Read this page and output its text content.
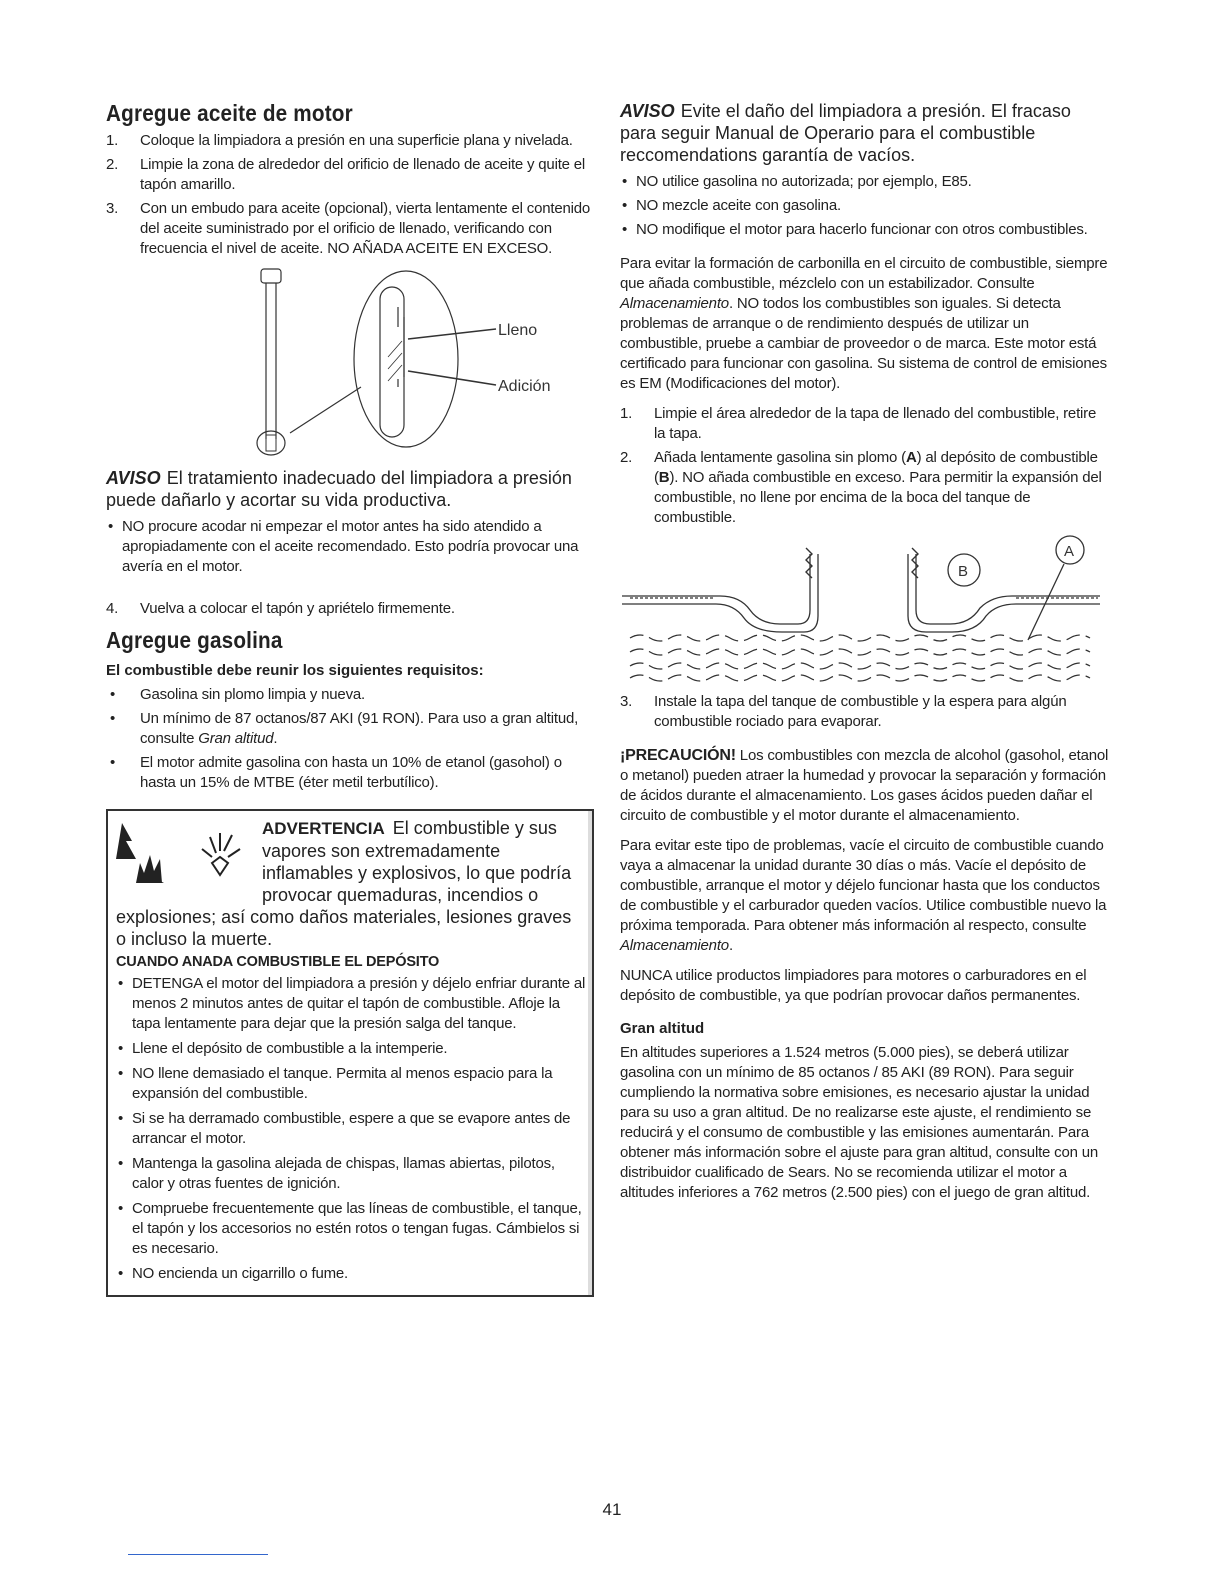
Agregue aceite de motor
1. Coloque la limpiadora a presión en una superficie plana y nivelada.
2. Limpie la zona de alrededor del orificio de llenado de aceite y quite el tapón amarillo.
3. Con un embudo para aceite (opcional), vierta lentamente el contenido del aceite suministrado por el orificio de llenado, verificando con frecuencia el nivel de aceite. NO AÑADA ACEITE EN EXCESO.
Lleno
Adición
AVISO El tratamiento inadecuado del limpiadora a presión puede dañarlo y acortar su vida productiva.
• NO procure acodar ni empezar el motor antes ha sido atendido a apropiadamente con el aceite recomendado. Esto podría provocar una avería en el motor.
4. Vuelva a colocar el tapón y apriételo firmemente.
Agregue gasolina
El combustible debe reunir los siguientes requisitos:
• Gasolina sin plomo limpia y nueva.
• Un mínimo de 87 octanos/87 AKI (91 RON). Para uso a gran altitud, consulte Gran altitud.
• El motor admite gasolina con hasta un 10% de etanol (gasohol) o hasta un 15% de MTBE (éter metil terbutílico).
ADVERTENCIA El combustible y sus vapores son extremadamente inflamables y explosivos, lo que podría provocar quemaduras, incendios o explosiones; así como daños materiales, lesiones graves o incluso la muerte.
CUANDO ANADA COMBUSTIBLE EL DEPÓSITO
• DETENGA el motor del limpiadora a presión y déjelo enfriar durante al menos 2 minutos antes de quitar el tapón de combustible. Afloje la tapa lentamente para dejar que la presión salga del tanque.
• Llene el depósito de combustible a la intemperie.
• NO llene demasiado el tanque. Permita al menos espacio para la expansión del combustible.
• Si se ha derramado combustible, espere a que se evapore antes de arrancar el motor.
• Mantenga la gasolina alejada de chispas, llamas abiertas, pilotos, calor y otras fuentes de ignición.
• Compruebe frecuentemente que las líneas de combustible, el tanque, el tapón y los accesorios no estén rotos o tengan fugas. Cámbielos si es necesario.
• NO encienda un cigarrillo o fume.
AVISO Evite el daño del limpiadora a presión. El fracaso para seguir Manual de Operario para el combustible reccomendations garantía de vacíos.
• NO utilice gasolina no autorizada; por ejemplo, E85.
• NO mezcle aceite con gasolina.
• NO modifique el motor para hacerlo funcionar con otros combustibles.

Para evitar la formación de carbonilla en el circuito de combustible, siempre que añada combustible, mézclelo con un estabilizador. Consulte Almacenamiento. NO todos los combustibles son iguales. Si detecta problemas de arranque o de rendimiento después de utilizar un combustible, pruebe a cambiar de proveedor o de marca. Este motor está certificado para funcionar con gasolina. Su sistema de control de emisiones es EM (Modificaciones del motor).

1. Limpie el área alrededor de la tapa de llenado del combustible, retire la tapa.
2. Añada lentamente gasolina sin plomo (A) al depósito de combustible (B). NO añada combustible en exceso. Para permitir la expansión del combustible, no llene por encima de la boca del tanque de combustible.
B
A
3. Instale la tapa del tanque de combustible y la espera para algún combustible rociado para evaporar.

¡PRECAUCIÓN! Los combustibles con mezcla de alcohol (gasohol, etanol o metanol) pueden atraer la humedad y provocar la separación y formación de ácidos durante el almacenamiento. Los gases ácidos pueden dañar el circuito de combustible y el motor durante el almacenamiento.

Para evitar este tipo de problemas, vacíe el circuito de combustible cuando vaya a almacenar la unidad durante 30 días o más. Vacíe el depósito de combustible, arranque el motor y déjelo funcionar hasta que los conductos de combustible y el carburador queden vacíos. Utilice combustible nuevo la próxima temporada. Para obtener más información al respecto, consulte Almacenamiento.

NUNCA utilice productos limpiadores para motores o carburadores en el depósito de combustible, ya que podrían provocar daños permanentes.

Gran altitud

En altitudes superiores a 1.524 metros (5.000 pies), se deberá utilizar gasolina con un mínimo de 85 octanos / 85 AKI (89 RON). Para seguir cumpliendo la normativa sobre emisiones, es necesario ajustar la unidad para su uso a gran altitud. De no realizarse este ajuste, el rendimiento se reducirá y el consumo de combustible y las emisiones aumentarán. Para obtener más información sobre el ajuste para gran altitud, consulte con un distribuidor cualificado de Sears. No se recomienda utilizar el motor a altitudes inferiores a 762 metros (2.500 pies) con el juego de gran altitud.

41
